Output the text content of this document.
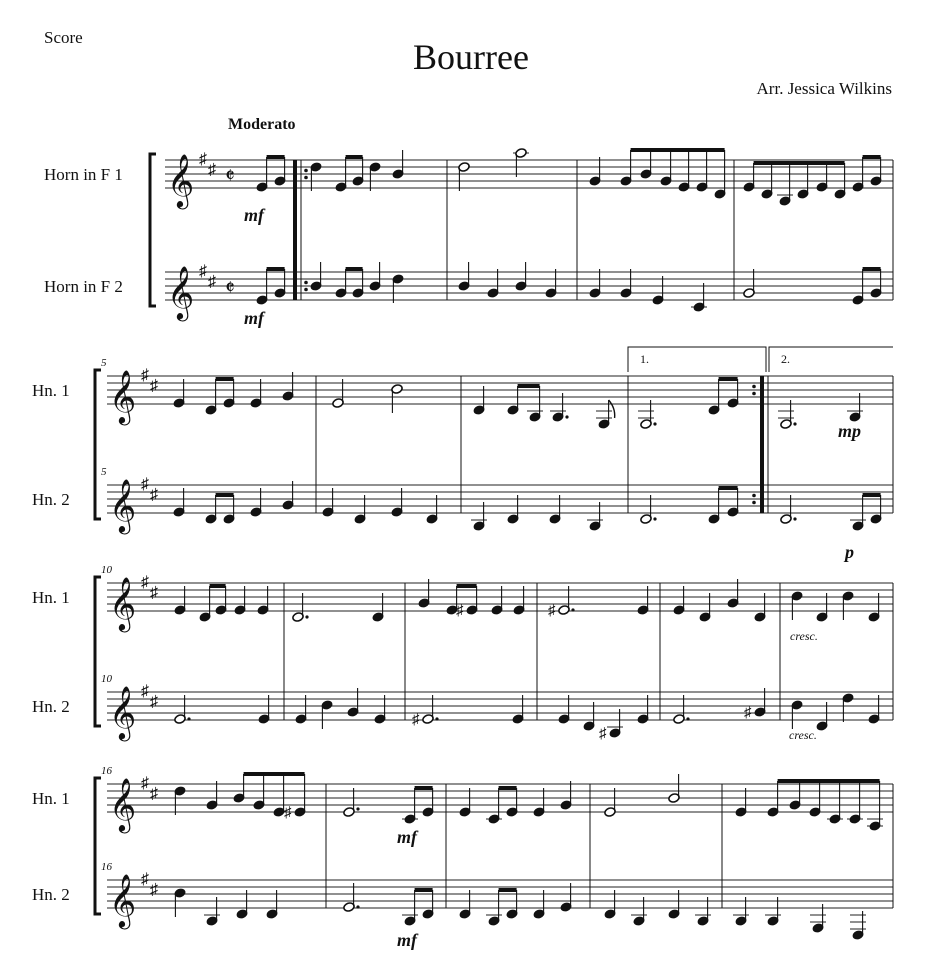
Score	Bourree
Arr. Jessica Wilkins
Horn in F 1 𝄞 ♯
♯ 𝄵
Horn in F 2 𝄞 ♯
♯ 𝄵
Hn. 1 𝄞 ♯
♯
5
Hn. 2 𝄞 ♯
♯
5
1.	2.
Hn. 1 𝄞 ♯
♯
10
Hn. 2 𝄞 ♯
♯
10
♯	♯
♯
♯
♯
Hn. 1 𝄞 ♯
♯
16
Hn. 2 𝄞 ♯
♯
16
♯
Moderato
mf
mf
mp
p
mf
mf
cresc.
cresc.
